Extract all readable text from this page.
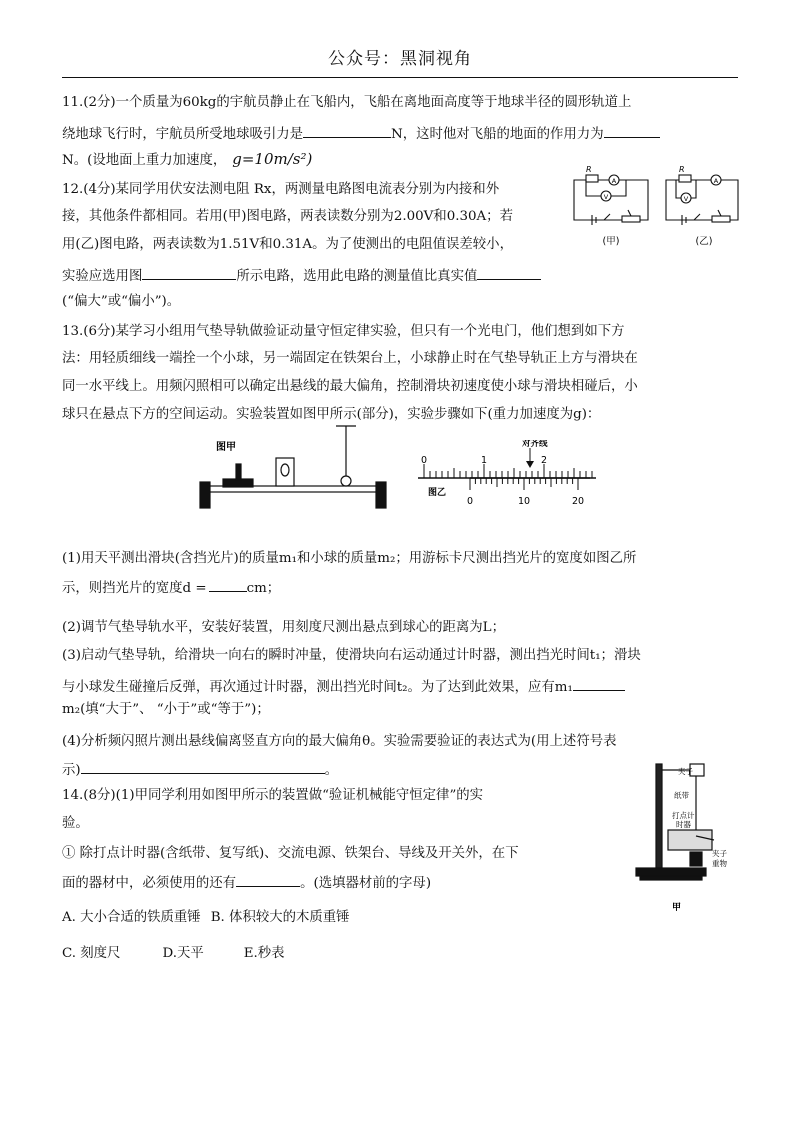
公众号：黑洞视角
11.(2分)一个质量为60kg的宇航员静止在飞船内，飞船在离地面高度等于地球半径的圆形轨道上
绕地球飞行时，宇航员所受地球吸引力是	N，这时他对飞船的地面的作用力为
N。(设地面上重力加速度， g=10m/s²)
12.(4分)某同学用伏安法测电阻 Rx，两测量电路图电流表分别为内接和外
接，其他条件都相同。若用(甲)图电路，两表读数分别为2.00V和0.30A；若
用(乙)图电路，两表读数为1.51V和0.31A。为了使测出的电阻值误差较小，
实验应选用图	所示电路，选用此电路的测量值比真实值
(“偏大”或“偏小”)。
R
A
V
(甲)
R
A
V
(乙)
13.(6分)某学习小组用气垫导轨做验证动量守恒定律实验，但只有一个光电门，他们想到如下方
法：用轻质细线一端拴一个小球，另一端固定在铁架台上，小球静止时在气垫导轨正上方与滑块在
同一水平线上。用频闪照相可以确定出悬线的最大偏角，控制滑块初速度使小球与滑块相碰后，小
球只在悬点下方的空间运动。实验装置如图甲所示(部分)，实验步骤如下(重力加速度为g)：
图甲
0	1	2
对齐线
0	10	20
图乙
(1)用天平测出滑块(含挡光片)的质量m₁和小球的质量m₂；用游标卡尺测出挡光片的宽度如图乙所
示，则挡光片的宽度d =	cm；
(2)调节气垫导轨水平，安装好装置，用刻度尺测出悬点到球心的距离为L；
(3)启动气垫导轨，给滑块一向右的瞬时冲量，使滑块向右运动通过计时器，测出挡光时间t₁；滑块
与小球发生碰撞后反弹，再次通过计时器，测出挡光时间t₂。为了达到此效果，应有m₁
m₂(填“大于”、 “小于”或“等于”)；
(4)分析频闪照片测出悬线偏离竖直方向的最大偏角θ。实验需要验证的表达式为(用上述符号表
示)	。
14.(8分)(1)甲同学利用如图甲所示的装置做“验证机械能守恒定律”的实
验。
① 除打点计时器(含纸带、复写纸)、交流电源、铁架台、导线及开关外，在下
面的器材中，必须使用的还有	。(选填器材前的字母)
A. 大小合适的铁质重锤 B. 体积较大的木质重锤
C. 刻度尺	D.天平	E.秒表
夹子
纸带
打点计
时器
夹子
重物
甲
